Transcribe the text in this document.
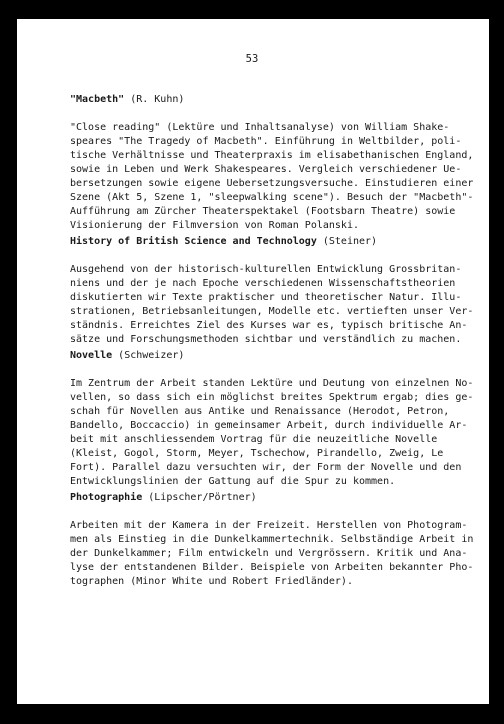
53
"Macbeth" (R. Kuhn)
"Close reading" (Lektüre und Inhaltsanalyse) von William Shake-
speares "The Tragedy of Macbeth". Einführung in Weltbilder, poli-
tische Verhältnisse und Theaterpraxis im elisabethanischen England,
sowie in Leben und Werk Shakespeares. Vergleich verschiedener Ue-
bersetzungen sowie eigene Uebersetzungsversuche. Einstudieren einer
Szene (Akt 5, Szene 1, "sleepwalking scene"). Besuch der "Macbeth"-
Aufführung am Zürcher Theaterspektakel (Footsbarn Theatre) sowie
Visionierung der Filmversion von Roman Polanski.
History of British Science and Technology (Steiner)
Ausgehend von der historisch-kulturellen Entwicklung Grossbritan-
niens und der je nach Epoche verschiedenen Wissenschaftstheorien
diskutierten wir Texte praktischer und theoretischer Natur. Illu-
strationen, Betriebsanleitungen, Modelle etc. vertieften unser Ver-
ständnis. Erreichtes Ziel des Kurses war es, typisch britische An-
sätze und Forschungsmethoden sichtbar und verständlich zu machen.
Novelle (Schweizer)
Im Zentrum der Arbeit standen Lektüre und Deutung von einzelnen No-
vellen, so dass sich ein möglichst breites Spektrum ergab; dies ge-
schah für Novellen aus Antike und Renaissance (Herodot, Petron,
Bandello, Boccaccio) in gemeinsamer Arbeit, durch individuelle Ar-
beit mit anschliessendem Vortrag für die neuzeitliche Novelle
(Kleist, Gogol, Storm, Meyer, Tschechow, Pirandello, Zweig, Le
Fort). Parallel dazu versuchten wir, der Form der Novelle und den
Entwicklungslinien der Gattung auf die Spur zu kommen.
Photographie (Lipscher/Pörtner)
Arbeiten mit der Kamera in der Freizeit. Herstellen von Photogram-
men als Einstieg in die Dunkelkammertechnik. Selbständige Arbeit in
der Dunkelkammer; Film entwickeln und Vergrössern. Kritik und Ana-
lyse der entstandenen Bilder. Beispiele von Arbeiten bekannter Pho-
tographen (Minor White und Robert Friedländer).
